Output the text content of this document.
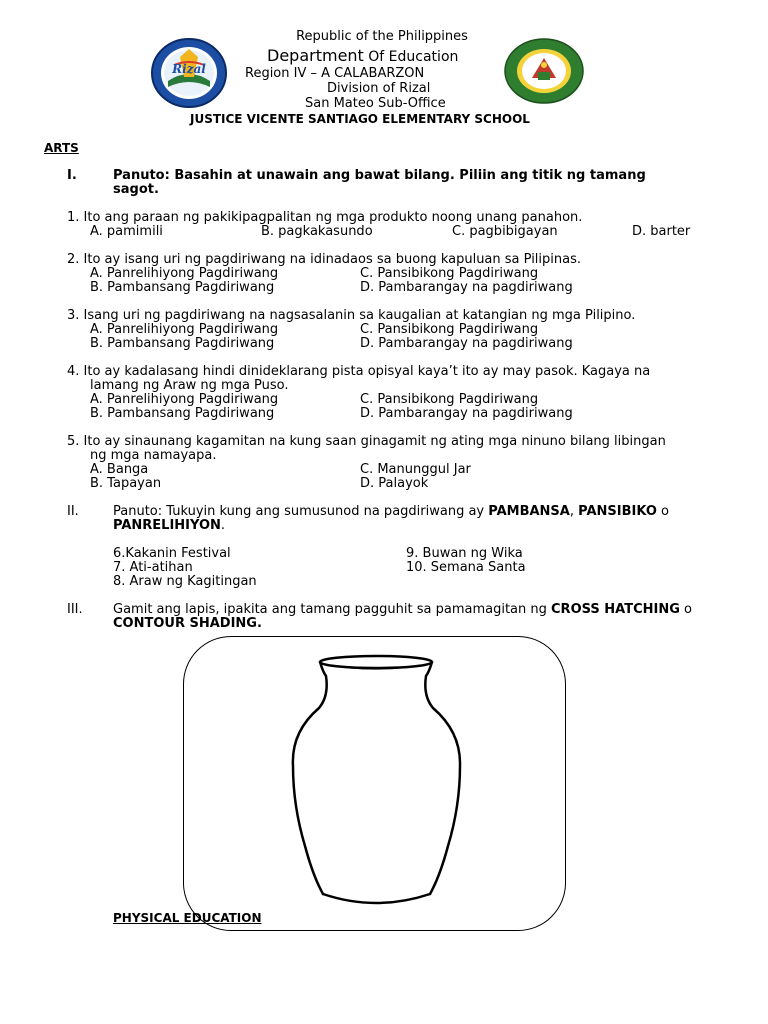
Rizal
Republic of the Philippines
Department Of Education
Region IV – A CALABARZON
Division of Rizal
San Mateo Sub-Office
JUSTICE VICENTE SANTIAGO ELEMENTARY SCHOOL
ARTS
I.	Panuto: Basahin at unawain ang bawat bilang. Piliin ang titik ng tamang
sagot.
1. Ito ang paraan ng pakikipagpalitan ng mga produkto noong unang panahon.
A. pamimili	B. pagkakasundo	C. pagbibigayan	D. barter
2. Ito ay isang uri ng pagdiriwang na idinadaos sa buong kapuluan sa Pilipinas.
A. Panrelihiyong Pagdiriwang	C. Pansibikong Pagdiriwang
B. Pambansang Pagdiriwang	D. Pambarangay na pagdiriwang
3. Isang uri ng pagdiriwang na nagsasalanin sa kaugalian at katangian ng mga Pilipino.
A. Panrelihiyong Pagdiriwang	C. Pansibikong Pagdiriwang
B. Pambansang Pagdiriwang	D. Pambarangay na pagdiriwang
4. Ito ay kadalasang hindi dinideklarang pista opisyal kaya’t ito ay may pasok. Kagaya na
lamang ng Araw ng mga Puso.
A. Panrelihiyong Pagdiriwang	C. Pansibikong Pagdiriwang
B. Pambansang Pagdiriwang	D. Pambarangay na pagdiriwang
5. Ito ay sinaunang kagamitan na kung saan ginagamit ng ating mga ninuno bilang libingan
ng mga namayapa.
A. Banga	C. Manunggul Jar
B. Tapayan	D. Palayok
II.	Panuto: Tukuyin kung ang sumusunod na pagdiriwang ay PAMBANSA, PANSIBIKO o
PANRELIHIYON.
6.Kakanin Festival	9. Buwan ng Wika
7. Ati-atihan	10. Semana Santa
8. Araw ng Kagitingan
III. Gamit ang lapis, ipakita ang tamang pagguhit sa pamamagitan ng CROSS HATCHING o
CONTOUR SHADING.
PHYSICAL EDUCATION
